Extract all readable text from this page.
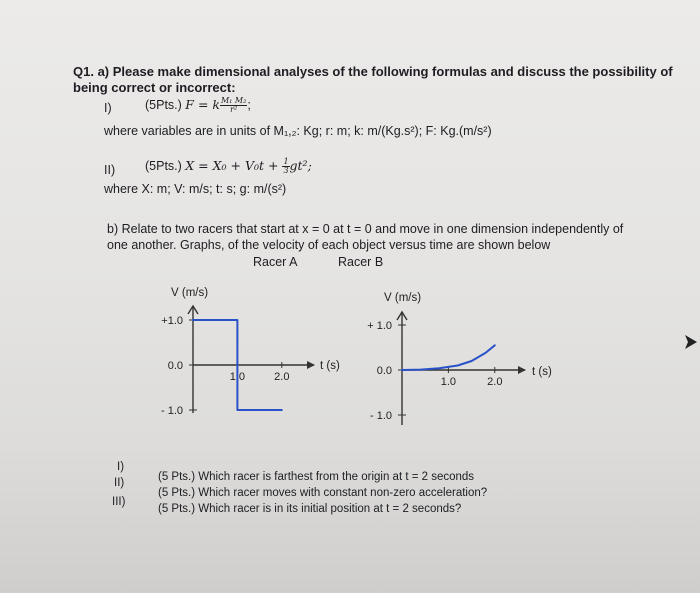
Q1. a) Please make dimensional analyses of the following formulas and discuss the possibility of
being correct or incorrect:
I)	(5Pts.) F = k $\frac{\text{M₁ M₂}}{\text{r²}}$ ;
where variables are in units of M₁,₂: Kg; r: m; k: m/(Kg.s²); F: Kg.(m/s²)
II) (5Pts.) $X = X_0 + V_0t + \frac{1}{3} gt^2$;
where X: m; V: m/s; t: s; g: m/(s²)
b) Relate to two racers that start at x = 0 at t = 0 and move in one dimension independently of
one another. Graphs, of the velocity of each object versus time are shown below
Racer A	Racer B
+1.0
0.0
- 1.0
1.0	2.0
V (m/s)
t (s)
+ 1.0
0.0
- 1.0
1.0	2.0
V (m/s)
t (s)
I)
(5 Pts.) Which racer is farthest from the origin at t = 2 seconds
II)
(5 Pts.) Which racer moves with constant non-zero acceleration?
III)
(5 Pts.) Which racer is in its initial position at t = 2 seconds?
